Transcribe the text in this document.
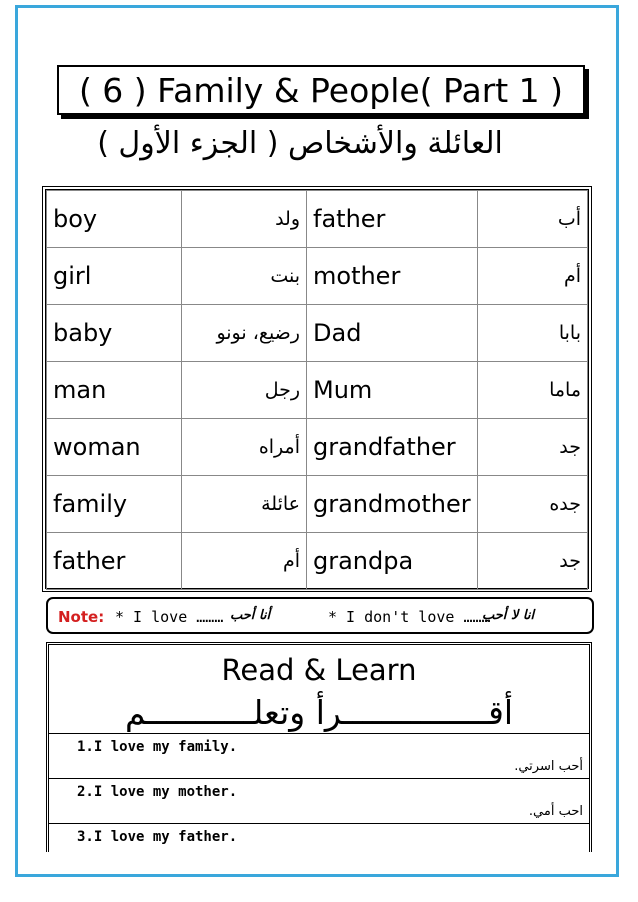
( 6 ) Family & People( Part 1 )
العائلة والأشخاص ( الجزء الأول )
boy	ولد	father	أب
girl	بنت	mother	أم
baby	رضيع، نونو	Dad	بابا
man	رجل	Mum	ماما
woman	أمراه	grandfather	جد
family	عائلة	grandmother	جده
father	أم	grandpa	جد
Note: * I love ……… أنا أحب	* I don't love ………
انا لا أحب
Read & Learn
أقـــــــــــــــرأ وتعلـــــــــــم
1.I love my family.
أحب اسرتي.
2.I love my mother.
احب أمي.
3.I love my father.
